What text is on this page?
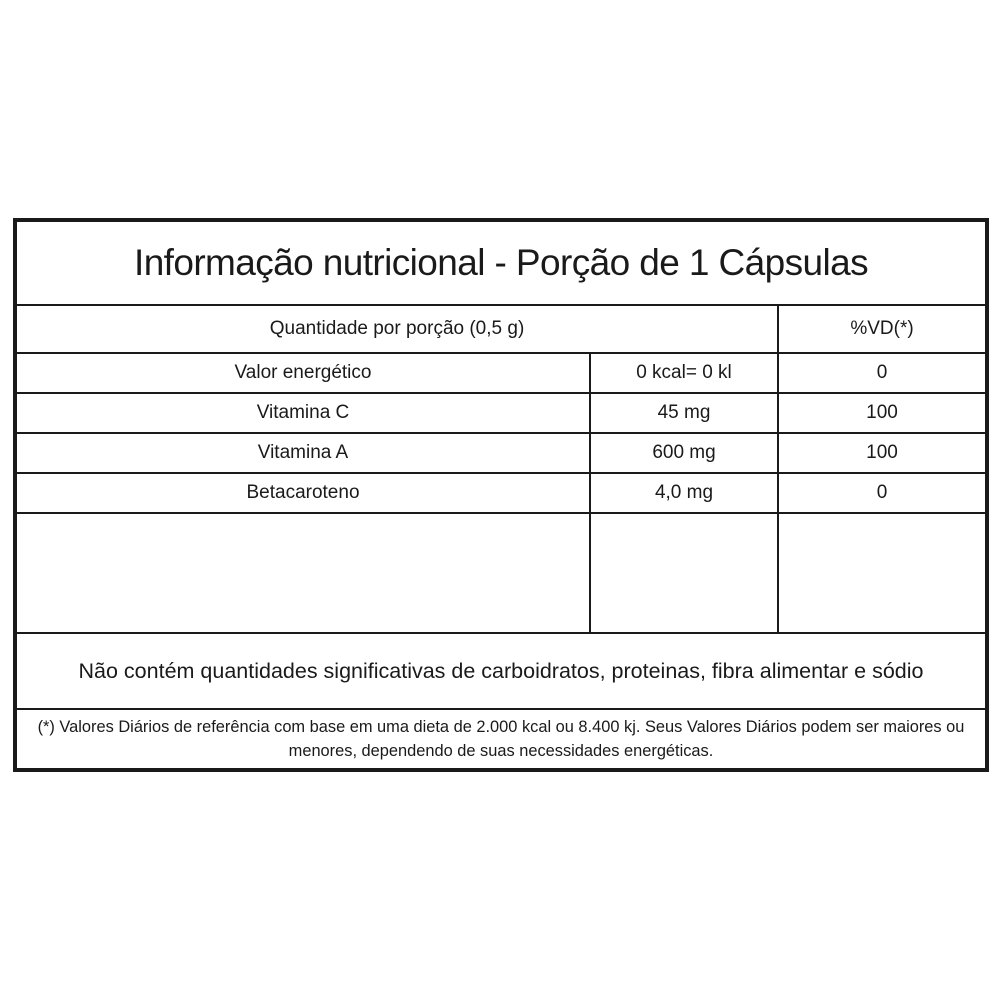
Informação nutricional - Porção de 1 Cápsulas
Quantidade por porção (0,5 g)	%VD(*)
Valor energético	0 kcal= 0 kl	0
Vitamina C	45 mg	100
Vitamina A	600 mg	100
Betacaroteno	4,0 mg	0
Não contém quantidades significativas de carboidratos, proteinas, fibra alimentar e sódio
(*) Valores Diários de referência com base em uma dieta de 2.000 kcal ou 8.400 kj. Seus Valores Diários podem ser maiores ou menores, dependendo de suas necessidades energéticas.
